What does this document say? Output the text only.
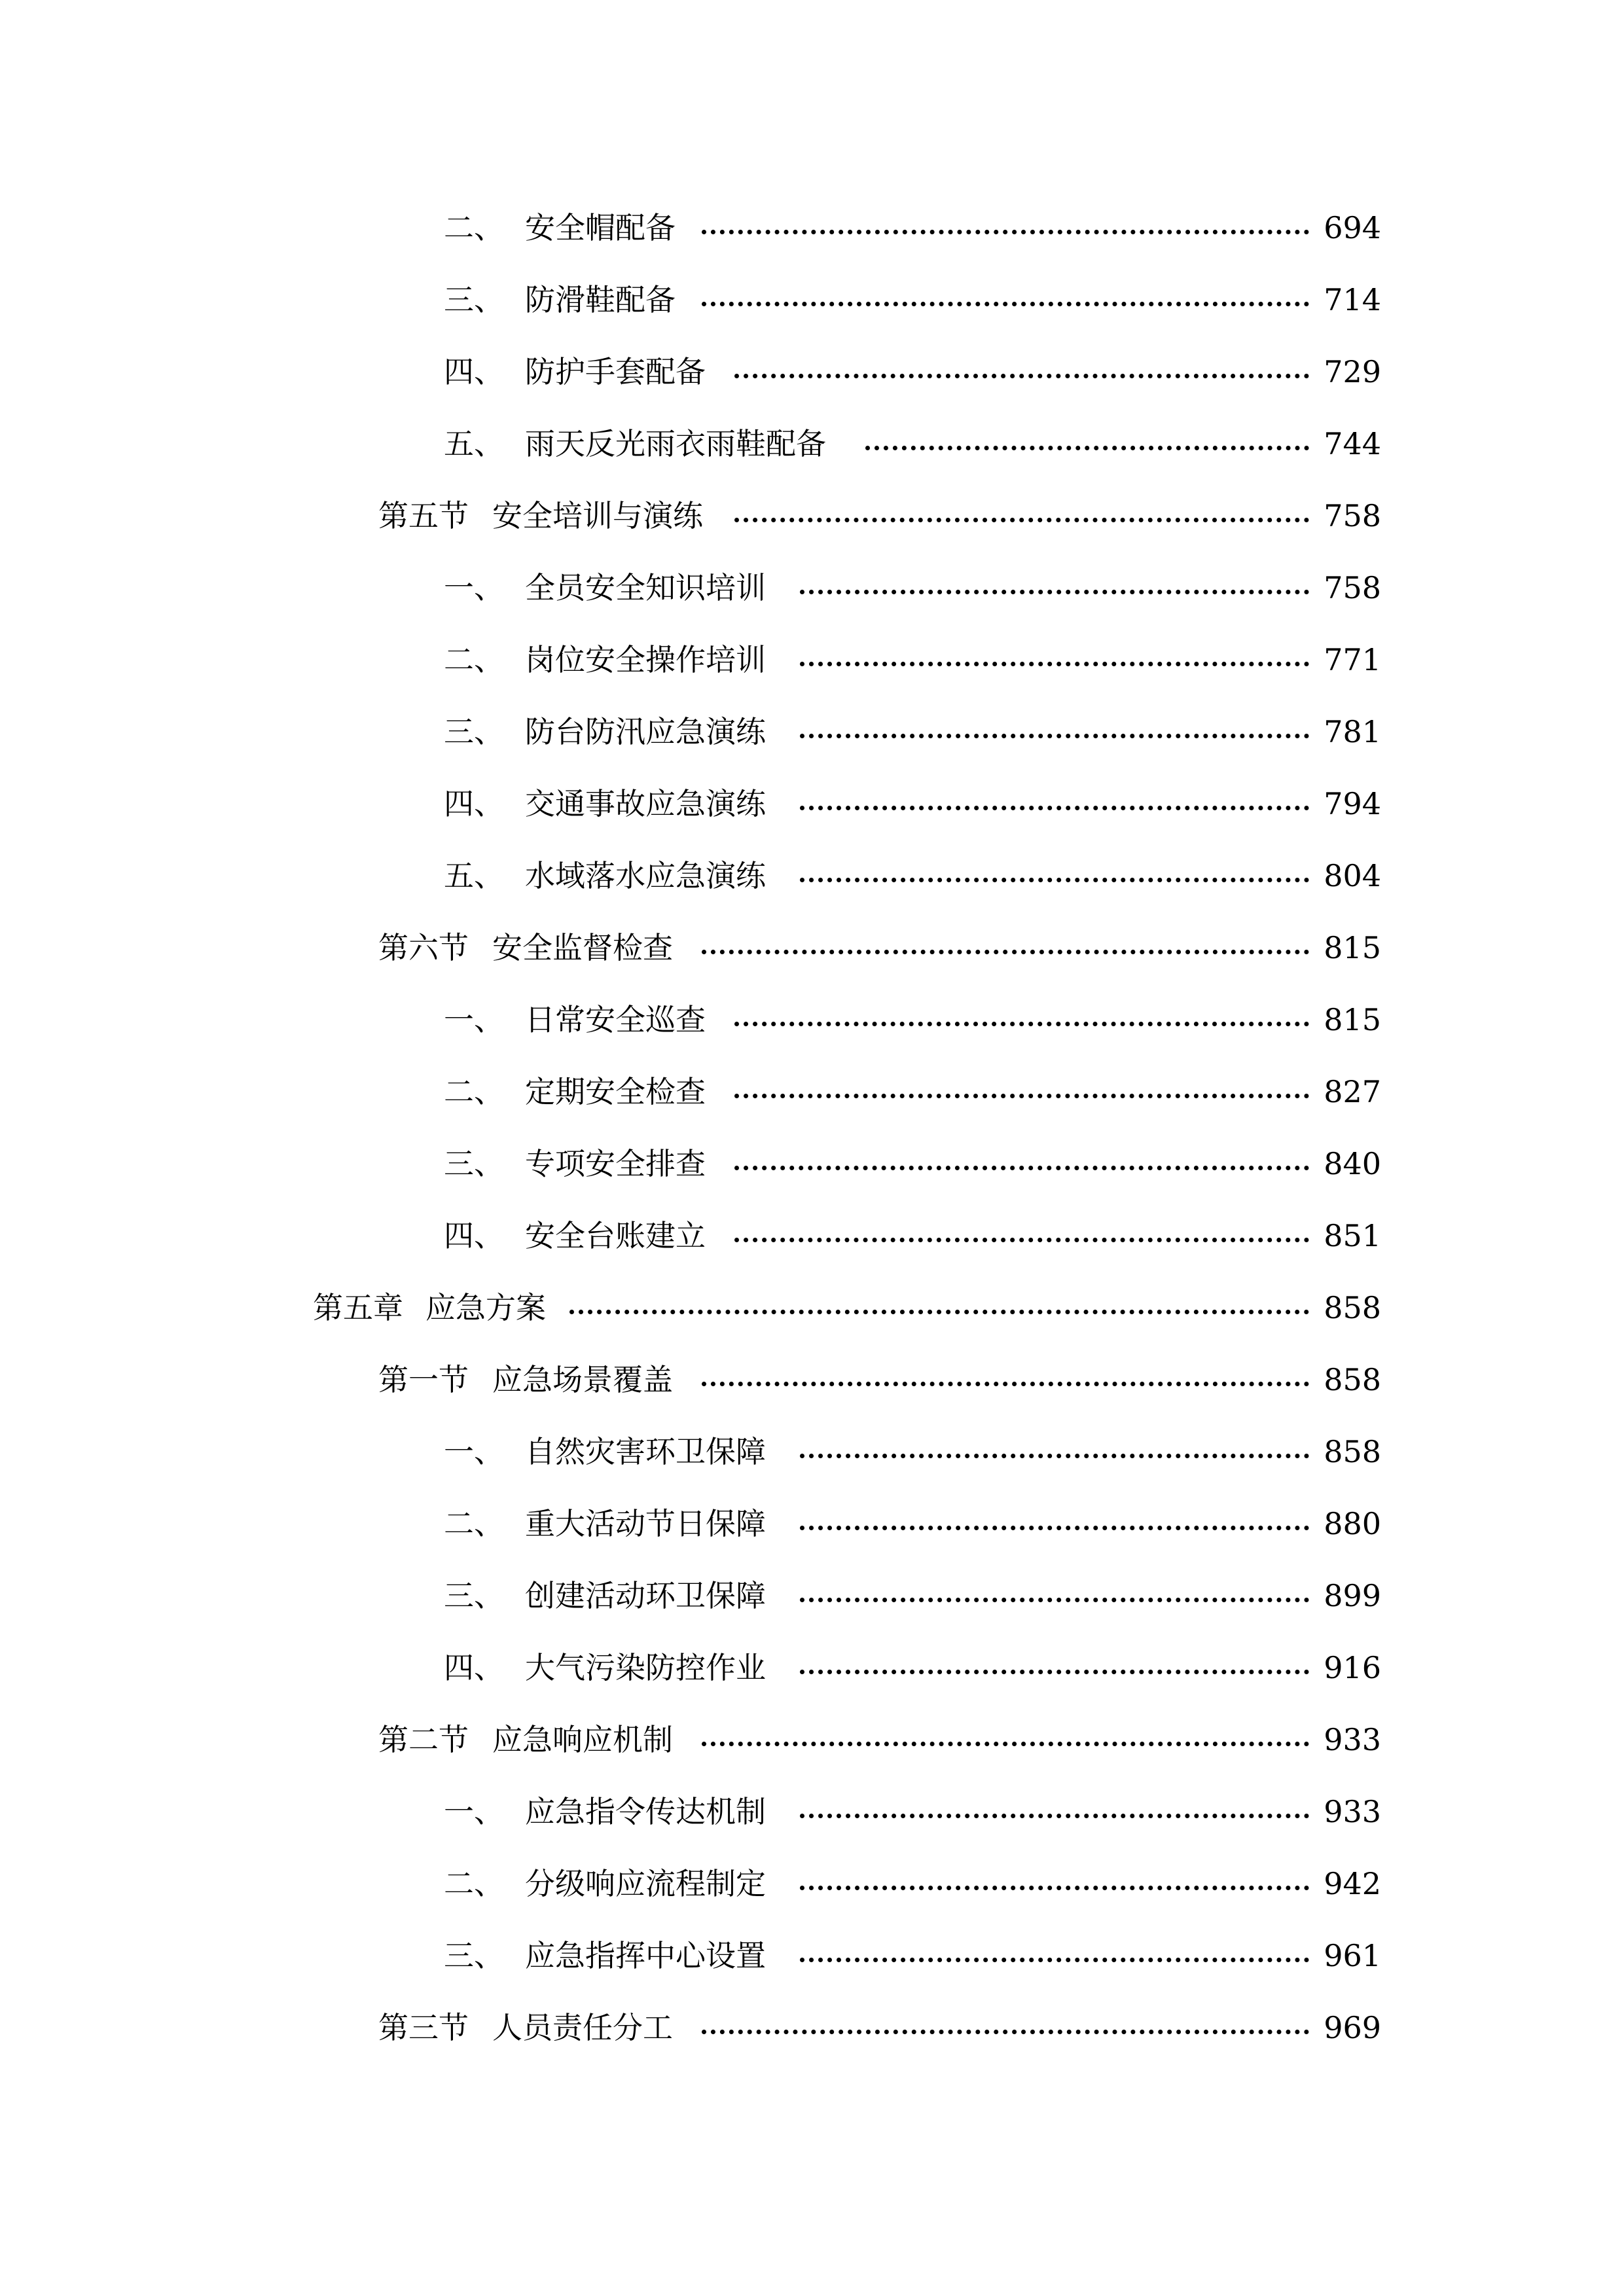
二、 安全帽配备	694
三、 防滑鞋配备	714
四、 防护手套配备	729
五、 雨天反光雨衣雨鞋配备	744
第五节 安全培训与演练	758
一、 全员安全知识培训	758
二、 岗位安全操作培训	771
三、 防台防汛应急演练	781
四、 交通事故应急演练	794
五、 水域落水应急演练	804
第六节 安全监督检查	815
一、 日常安全巡查	815
二、 定期安全检查	827
三、 专项安全排查	840
四、 安全台账建立	851
第五章 应急方案	858
第一节 应急场景覆盖	858
一、 自然灾害环卫保障	858
二、 重大活动节日保障	880
三、 创建活动环卫保障	899
四、 大气污染防控作业	916
第二节 应急响应机制	933
一、 应急指令传达机制	933
二、 分级响应流程制定	942
三、 应急指挥中心设置	961
第三节 人员责任分工	969
